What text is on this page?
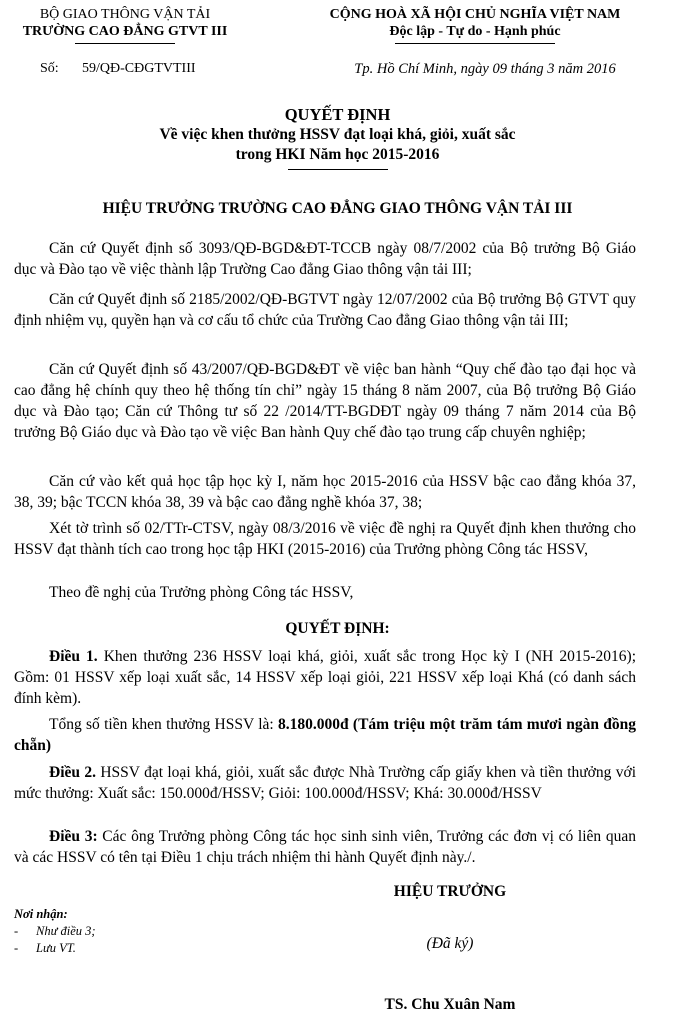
BỘ GIAO THÔNG VẬN TẢI
TRƯỜNG CAO ĐẲNG GTVT III
CỘNG HOÀ XÃ HỘI CHỦ NGHĨA VIỆT NAM
Độc lập - Tự do - Hạnh phúc
Số: 59/QĐ-CĐGTVTIII	Tp. Hồ Chí Minh, ngày 09 tháng 3 năm 2016
QUYẾT ĐỊNH
Về việc khen thưởng HSSV đạt loại khá, giỏi, xuất sắc
trong HKI Năm học 2015-2016
HIỆU TRƯỞNG TRƯỜNG CAO ĐẲNG GIAO THÔNG VẬN TẢI III

Căn cứ Quyết định số 3093/QĐ-BGD&ĐT-TCCB ngày 08/7/2002 của Bộ trưởng Bộ Giáo dục và Đào tạo về việc thành lập Trường Cao đẳng Giao thông vận tải III;

Căn cứ Quyết định số 2185/2002/QĐ-BGTVT ngày 12/07/2002 của Bộ trưởng Bộ GTVT quy định nhiệm vụ, quyền hạn và cơ cấu tổ chức của Trường Cao đẳng Giao thông vận tải III;

Căn cứ Quyết định số 43/2007/QĐ-BGD&ĐT về việc ban hành “Quy chế đào tạo đại học và cao đẳng hệ chính quy theo hệ thống tín chỉ” ngày 15 tháng 8 năm 2007, của Bộ trưởng Bộ Giáo dục và Đào tạo; Căn cứ Thông tư số 22 /2014/TT-BGDĐT ngày 09 tháng 7 năm 2014 của Bộ trưởng Bộ Giáo dục và Đào tạo về việc Ban hành Quy chế đào tạo trung cấp chuyên nghiệp;

Căn cứ vào kết quả học tập học kỳ I, năm học 2015-2016 của HSSV bậc cao đẳng khóa 37, 38, 39; bậc TCCN khóa 38, 39 và bậc cao đẳng nghề khóa 37, 38;

Xét tờ trình số 02/TTr-CTSV, ngày 08/3/2016 về việc đề nghị ra Quyết định khen thưởng cho HSSV đạt thành tích cao trong học tập HKI (2015-2016) của Trưởng phòng Công tác HSSV,

Theo đề nghị của Trưởng phòng Công tác HSSV,

QUYẾT ĐỊNH:

Điều 1. Khen thưởng 236 HSSV loại khá, giỏi, xuất sắc trong Học kỳ I (NH 2015-2016); Gồm: 01 HSSV xếp loại xuất sắc, 14 HSSV xếp loại giỏi, 221 HSSV xếp loại Khá (có danh sách đính kèm).

Tổng số tiền khen thưởng HSSV là: 8.180.000đ (Tám triệu một trăm tám mươi ngàn đồng chẵn)

Điều 2. HSSV đạt loại khá, giỏi, xuất sắc được Nhà Trường cấp giấy khen và tiền thưởng với mức thưởng: Xuất sắc: 150.000đ/HSSV; Giỏi: 100.000đ/HSSV; Khá: 30.000đ/HSSV

Điều 3: Các ông Trưởng phòng Công tác học sinh sinh viên, Trưởng các đơn vị có liên quan và các HSSV có tên tại Điều 1 chịu trách nhiệm thi hành Quyết định này./.

HIỆU TRƯỞNG
Nơi nhận:
- Như điều 3;
- Lưu VT.	(Đã ký)
TS. Chu Xuân Nam
